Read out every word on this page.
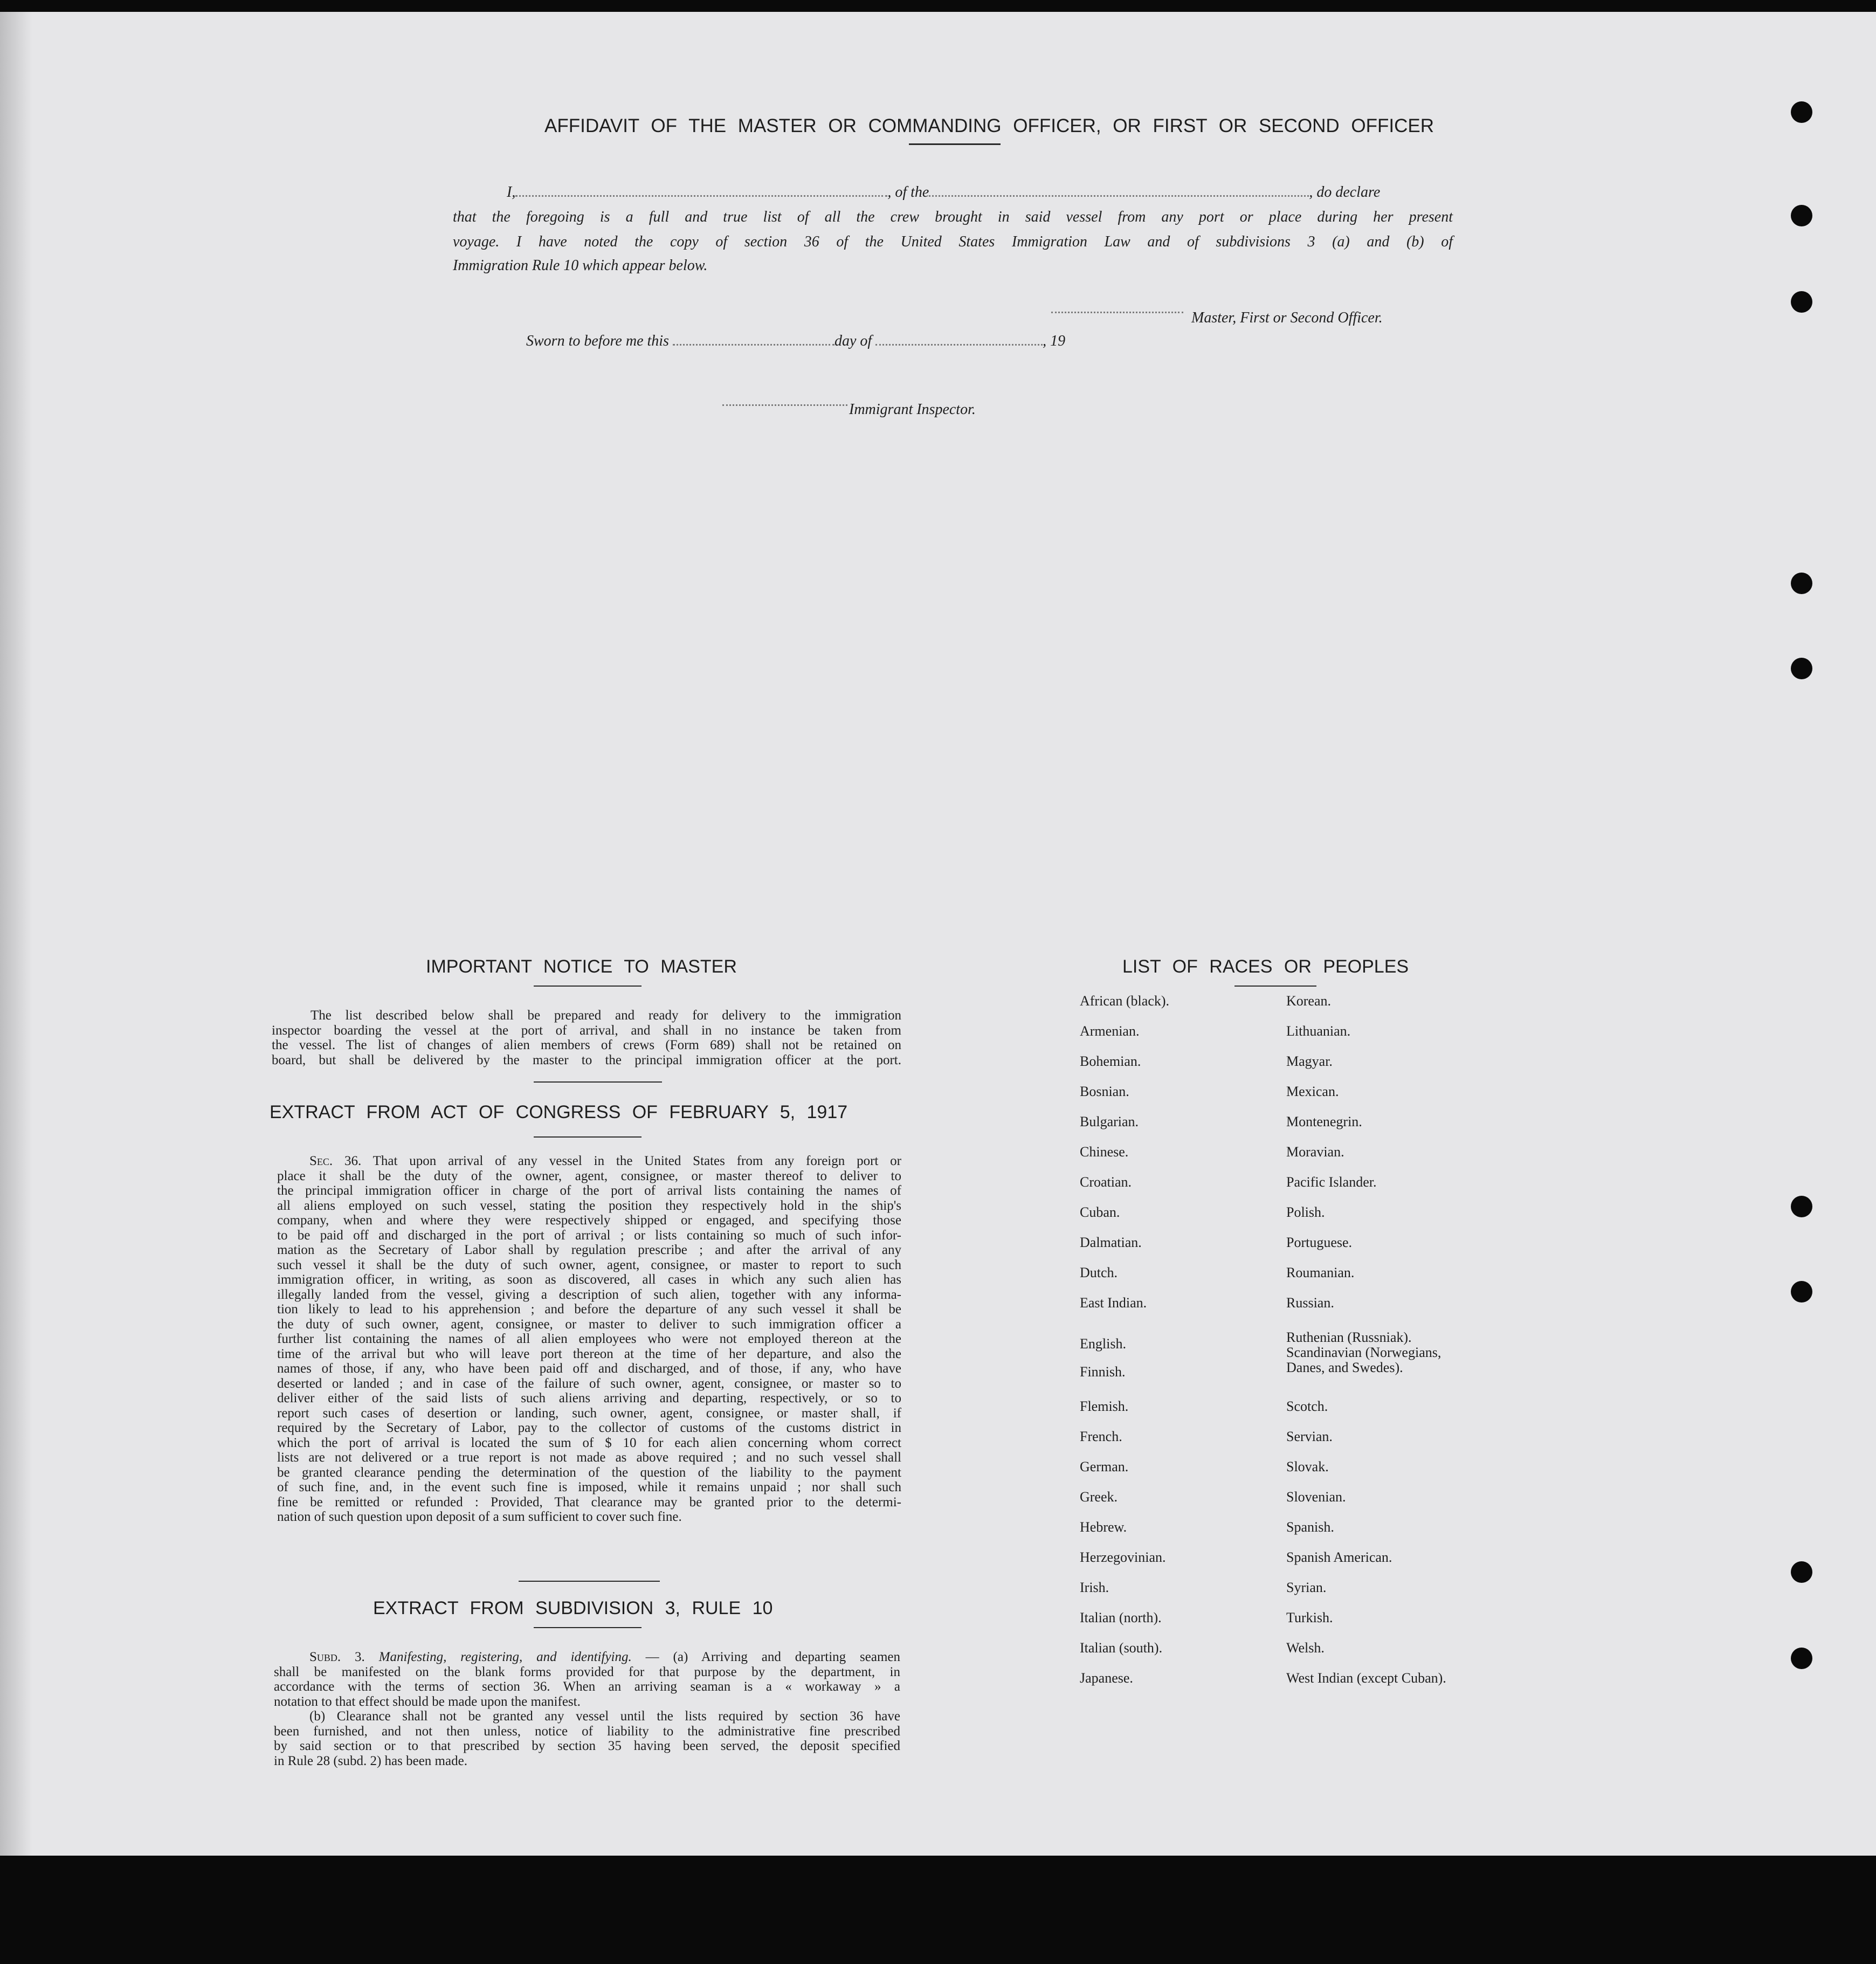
AFFIDAVIT OF THE MASTER OR COMMANDING OFFICER, OR FIRST OR SECOND OFFICER
I,	, of the	, do declare
that the foregoing is a full and true list of all the crew brought in said vessel from any port or place during her present
voyage. I have noted the copy of section 36 of the United States Immigration Law and of subdivisions 3 (a) and (b) of
Immigration Rule 10 which appear below.
Master, First or Second Officer.
Sworn to before me this	day of	, 19
Immigrant Inspector.
IMPORTANT NOTICE TO MASTER
The list described below shall be prepared and ready for delivery to the immigration
inspector boarding the vessel at the port of arrival, and shall in no instance be taken from
the vessel. The list of changes of alien members of crews (Form 689) shall not be retained on
board, but shall be delivered by the master to the principal immigration officer at the port.
EXTRACT FROM ACT OF CONGRESS OF FEBRUARY 5, 1917
Sec. 36. That upon arrival of any vessel in the United States from any foreign port or
place it shall be the duty of the owner, agent, consignee, or master thereof to deliver to
the principal immigration officer in charge of the port of arrival lists containing the names of
all aliens employed on such vessel, stating the position they respectively hold in the ship's
company, when and where they were respectively shipped or engaged, and specifying those
to be paid off and discharged in the port of arrival ; or lists containing so much of such infor-
mation as the Secretary of Labor shall by regulation prescribe ; and after the arrival of any
such vessel it shall be the duty of such owner, agent, consignee, or master to report to such
immigration officer, in writing, as soon as discovered, all cases in which any such alien has
illegally landed from the vessel, giving a description of such alien, together with any informa-
tion likely to lead to his apprehension ; and before the departure of any such vessel it shall be
the duty of such owner, agent, consignee, or master to deliver to such immigration officer a
further list containing the names of all alien employees who were not employed thereon at the
time of the arrival but who will leave port thereon at the time of her departure, and also the
names of those, if any, who have been paid off and discharged, and of those, if any, who have
deserted or landed ; and in case of the failure of such owner, agent, consignee, or master so to
deliver either of the said lists of such aliens arriving and departing, respectively, or so to
report such cases of desertion or landing, such owner, agent, consignee, or master shall, if
required by the Secretary of Labor, pay to the collector of customs of the customs district in
which the port of arrival is located the sum of $ 10 for each alien concerning whom correct
lists are not delivered or a true report is not made as above required ; and no such vessel shall
be granted clearance pending the determination of the question of the liability to the payment
of such fine, and, in the event such fine is imposed, while it remains unpaid ; nor shall such
fine be remitted or refunded : Provided, That clearance may be granted prior to the determi-
nation of such question upon deposit of a sum sufficient to cover such fine.
EXTRACT FROM SUBDIVISION 3, RULE 10
Subd. 3. Manifesting, registering, and identifying. — (a) Arriving and departing seamen
shall be manifested on the blank forms provided for that purpose by the department, in
accordance with the terms of section 36. When an arriving seaman is a « workaway » a
notation to that effect should be made upon the manifest.
(b) Clearance shall not be granted any vessel until the lists required by section 36 have
been furnished, and not then unless, notice of liability to the administrative fine prescribed
by said section or to that prescribed by section 35 having been served, the deposit specified
in Rule 28 (subd. 2) has been made.
LIST OF RACES OR PEOPLES
African (black).
Armenian.
Bohemian.
Bosnian.
Bulgarian.
Chinese.
Croatian.
Cuban.
Dalmatian.
Dutch.
East Indian.
English.
Finnish.
Flemish.
French.
German.
Greek.
Hebrew.
Herzegovinian.
Irish.
Italian (north).
Italian (south).
Japanese.
Korean.
Lithuanian.
Magyar.
Mexican.
Montenegrin.
Moravian.
Pacific Islander.
Polish.
Portuguese.
Roumanian.
Russian.
Ruthenian (Russniak).
Scandinavian (Norwegians,
Danes, and Swedes).
Scotch.
Servian.
Slovak.
Slovenian.
Spanish.
Spanish American.
Syrian.
Turkish.
Welsh.
West Indian (except Cuban).
